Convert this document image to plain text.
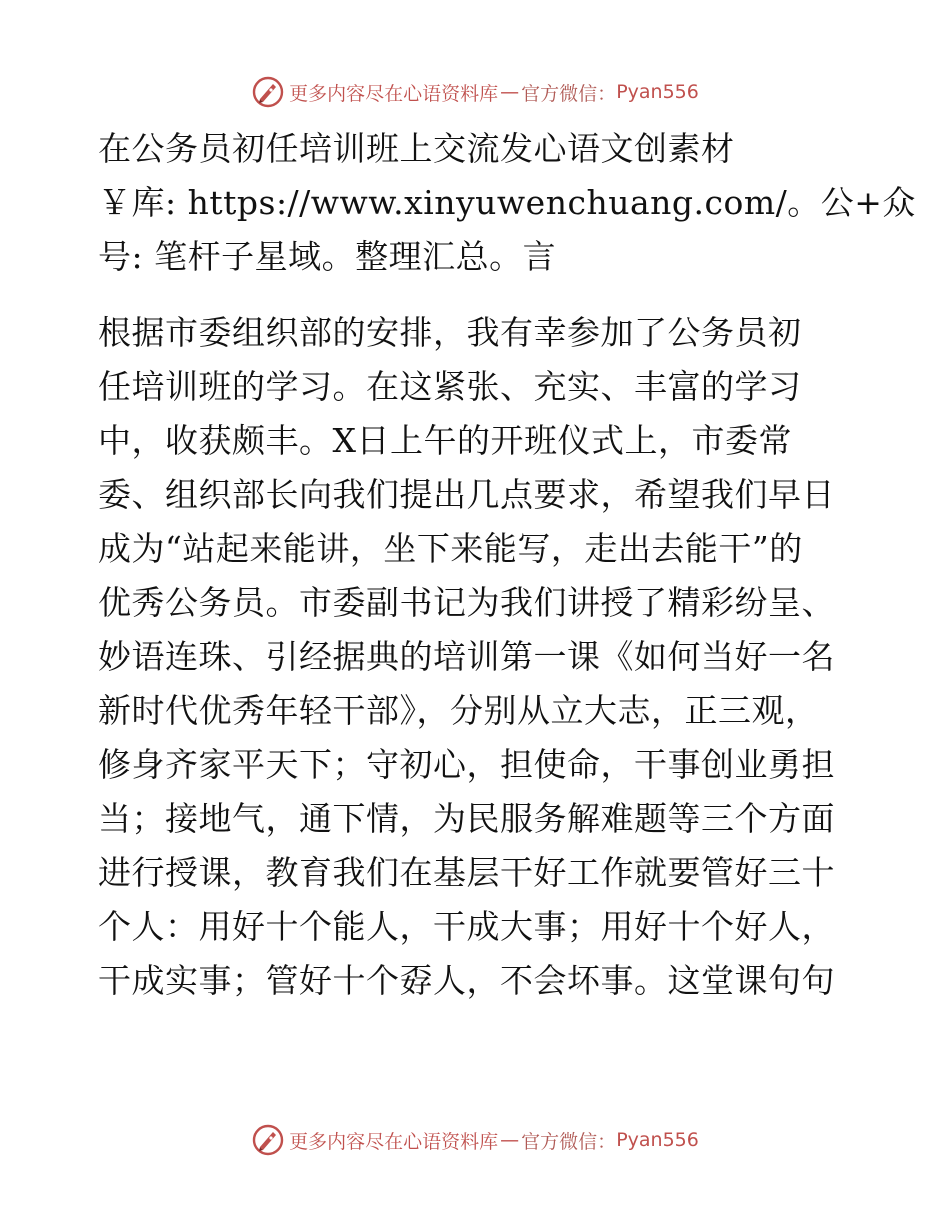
更多内容尽在心语资料库 — 官方微信： Pyan556
在公务员初任培训班上交流发心语文创素材
￥库: https://www.xinyuwenchuang.com/。公+众
号: 笔杆子星域。整理汇总。言
根据市委组织部的安排，我有幸参加了公务员初
任培训班的学习。在这紧张、充实、丰富的学习
中，收获颇丰。X日上午的开班仪式上，市委常
委、组织部长向我们提出几点要求，希望我们早日
成为“站起来能讲，坐下来能写，走出去能干”的
优秀公务员。市委副书记为我们讲授了精彩纷呈、
妙语连珠、引经据典的培训第一课《如何当好一名
新时代优秀年轻干部》，分别从立大志，正三观，
修身齐家平天下；守初心，担使命，干事创业勇担
当；接地气，通下情，为民服务解难题等三个方面
进行授课，教育我们在基层干好工作就要管好三十
个人：用好十个能人，干成大事；用好十个好人，
干成实事；管好十个孬人，不会坏事。这堂课句句
更多内容尽在心语资料库 — 官方微信： Pyan556
